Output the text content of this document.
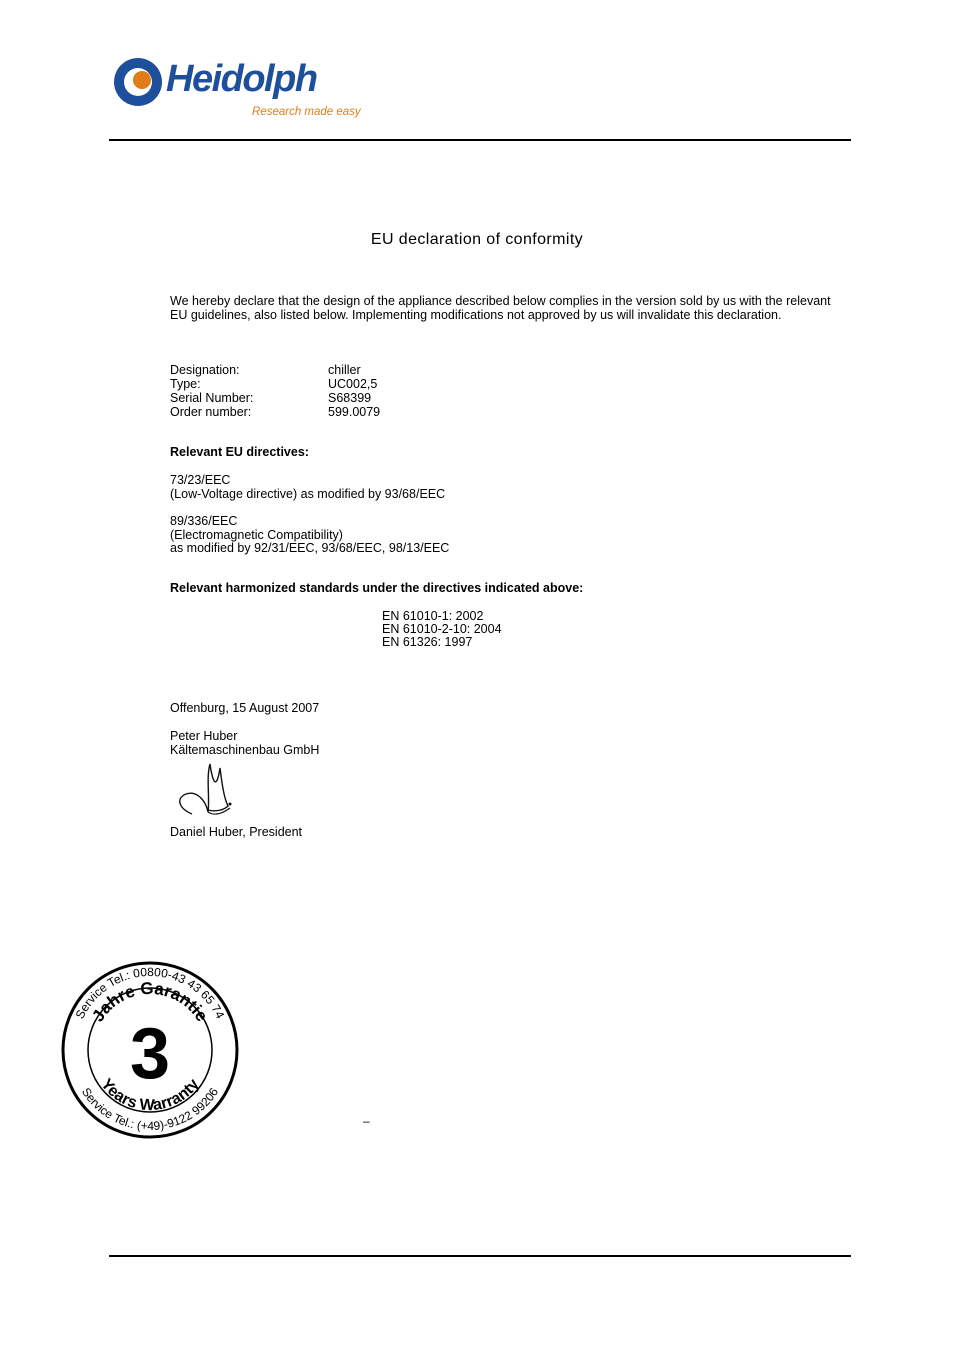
Heidolph
Research made easy
EU declaration of conformity
We hereby declare that the design of the appliance described below complies in the version sold by us with the relevant EU guidelines, also listed below. Implementing modifications not approved by us will invalidate this declaration.
Designation:	chiller
Type:	UC002,5
Serial Number:	S68399
Order number:	599.0079
Relevant EU directives:
73/23/EEC
(Low-Voltage directive) as modified by 93/68/EEC
89/336/EEC
(Electromagnetic Compatibility)
as modified by 92/31/EEC, 93/68/EEC, 98/13/EEC
Relevant harmonized standards under the directives indicated above:
EN 61010-1: 2002
EN 61010-2-10: 2004
EN 61326: 1997
Offenburg, 15 August 2007
Peter Huber
Kältemaschinenbau GmbH
Daniel Huber, President
Service Tel.: 00800-43 43 65 74
Service Tel.: (+49)-9122 99206
Jahre Garantie
Years Warranty
3
–
